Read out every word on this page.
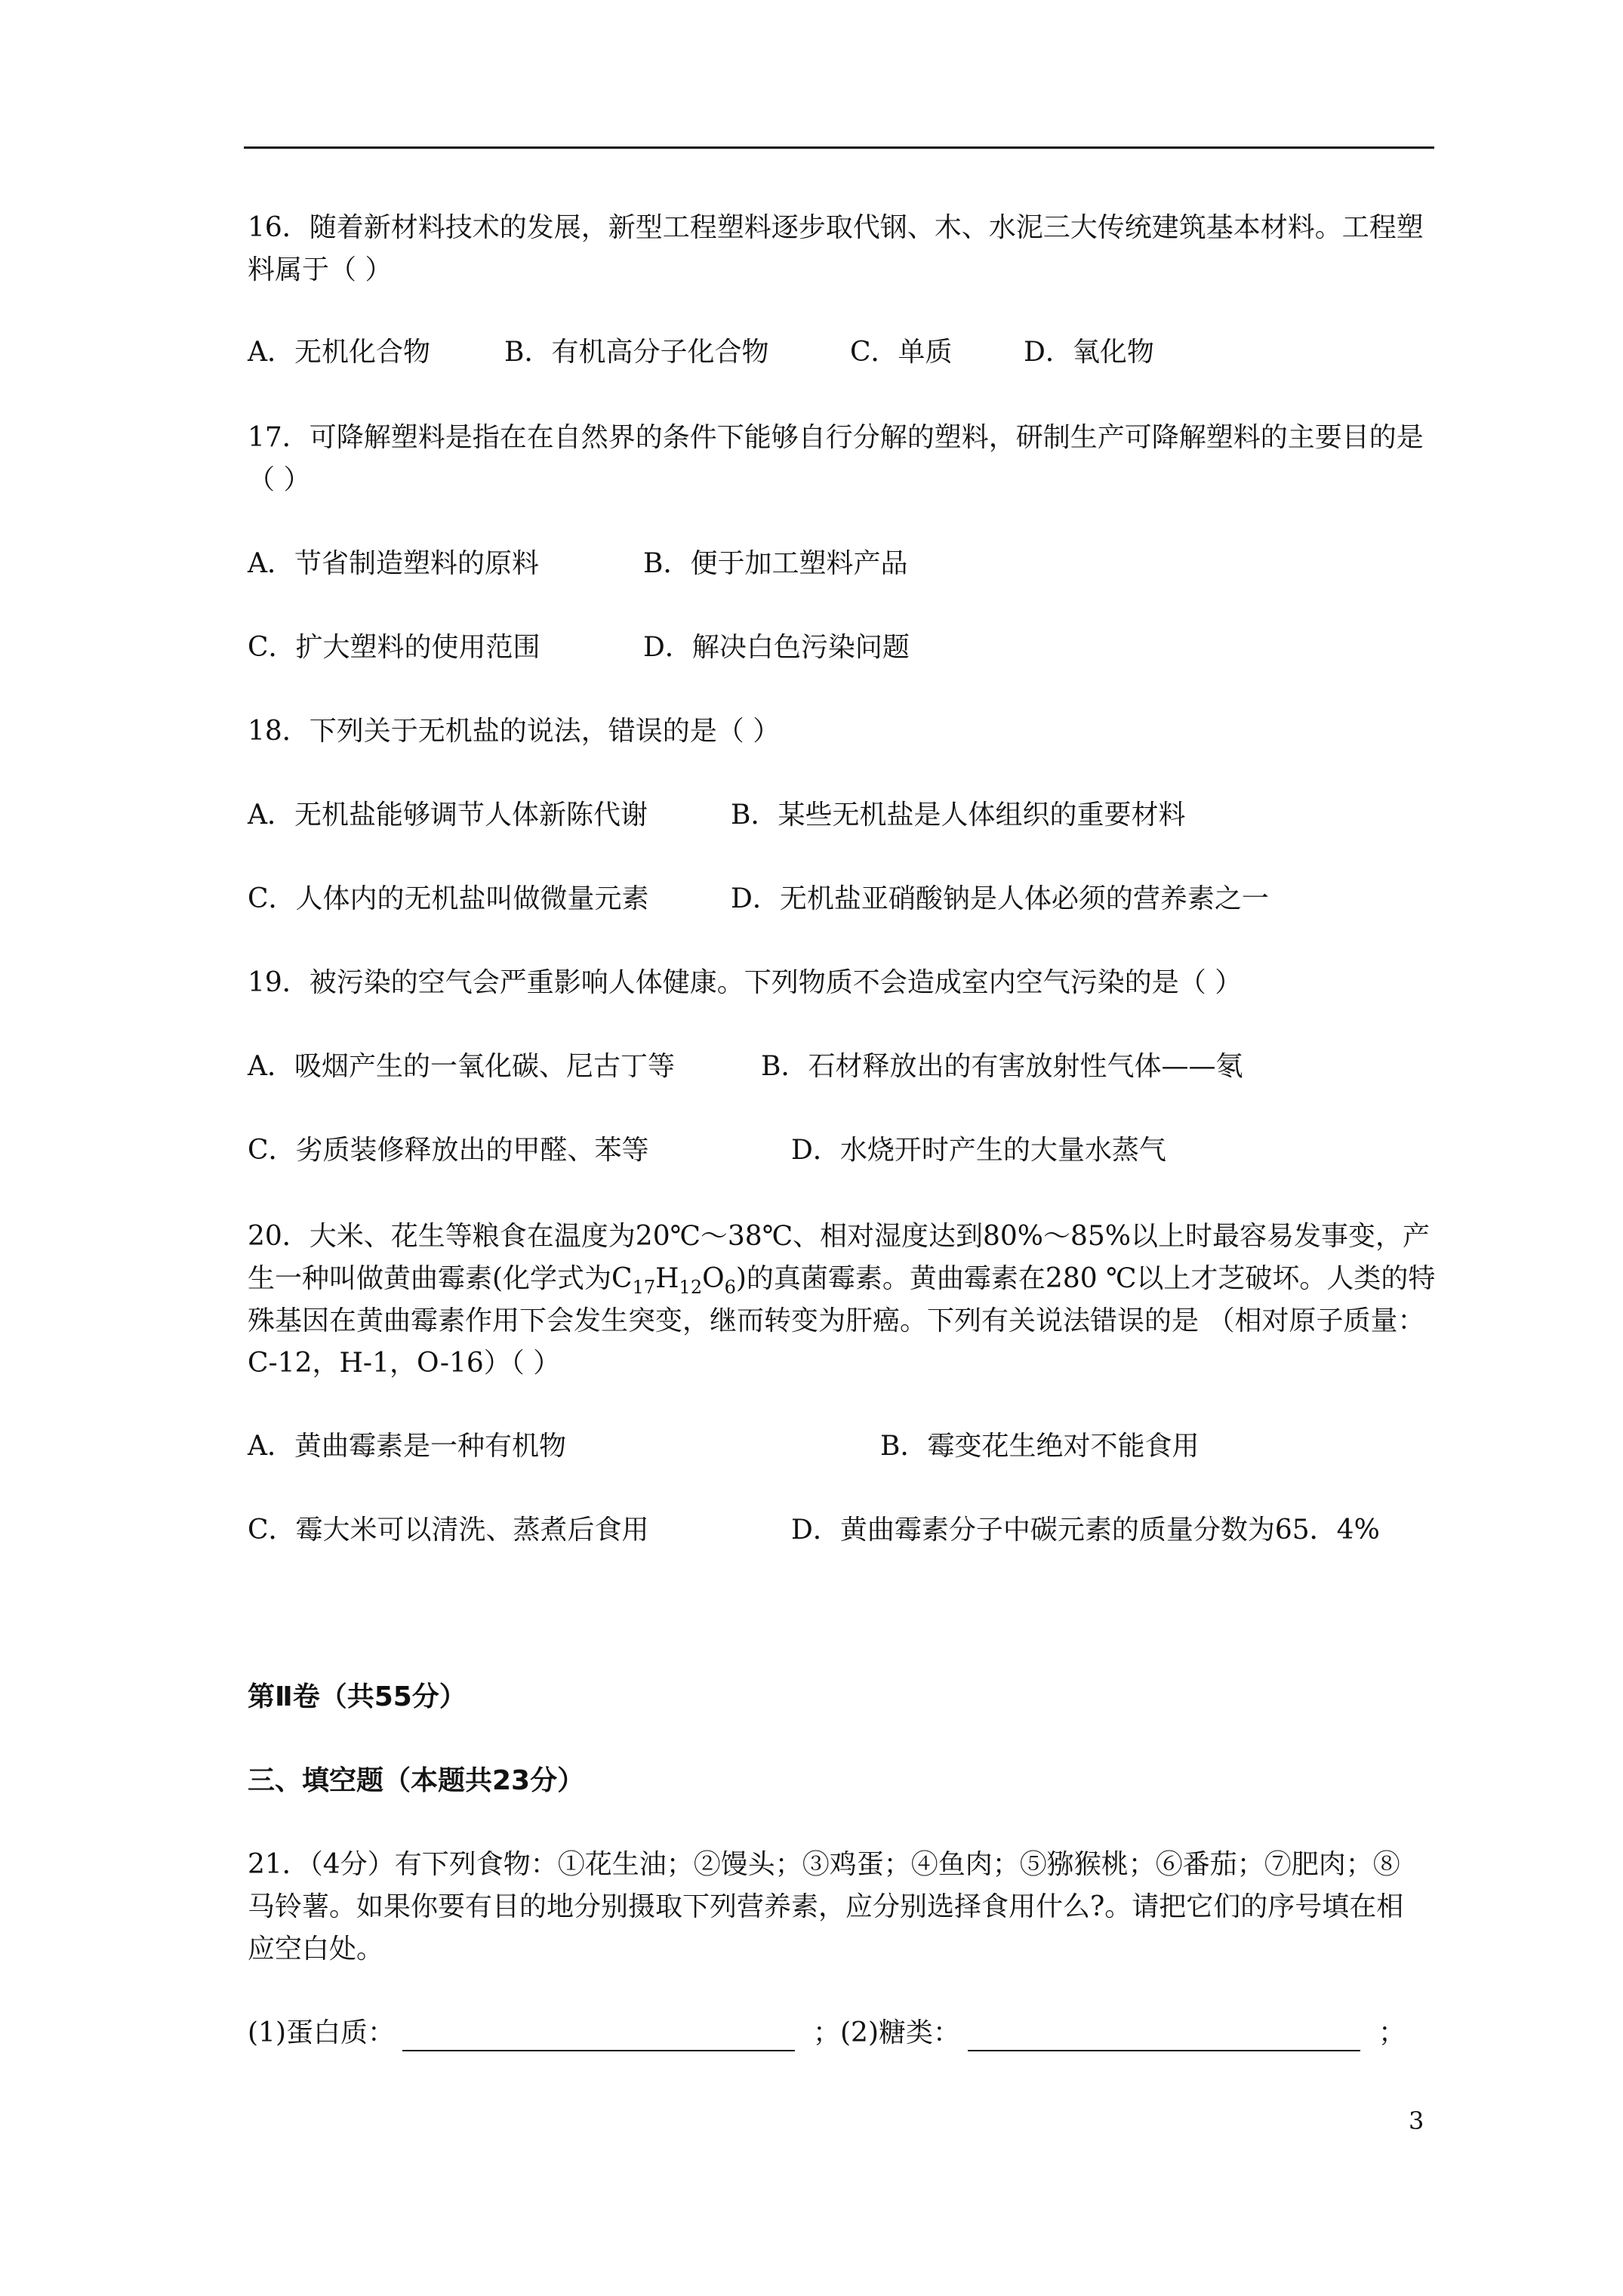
16．随着新材料技术的发展，新型工程塑料逐步取代钢、木、水泥三大传统建筑基本材料。工程塑
料属于（ ）
A．无机化合物	B．有机高分子化合物	C．单质	D．氧化物
17．可降解塑料是指在在自然界的条件下能够自行分解的塑料，研制生产可降解塑料的主要目的是
（ ）
A．节省制造塑料的原料	B．便于加工塑料产品
C．扩大塑料的使用范围	D．解决白色污染问题
18．下列关于无机盐的说法，错误的是（ ）
A．无机盐能够调节人体新陈代谢	B．某些无机盐是人体组织的重要材料
C．人体内的无机盐叫做微量元素	D．无机盐亚硝酸钠是人体必须的营养素之一
19．被污染的空气会严重影响人体健康。下列物质不会造成室内空气污染的是（ ）
A．吸烟产生的一氧化碳、尼古丁等	B．石材释放出的有害放射性气体——氡
C．劣质装修释放出的甲醛、苯等	D．水烧开时产生的大量水蒸气
20．大米、花生等粮食在温度为20℃～38℃、相对湿度达到80%～85%以上时最容易发事变，产
生一种叫做黄曲霉素(化学式为$C_{17}H_{12}O_6$)的真菌霉素。黄曲霉素在280 ℃以上才芝破坏。人类的特
殊基因在黄曲霉素作用下会发生突变，继而转变为肝癌。下列有关说法错误的是 （相对原子质量：
C-12，H-1，O-16）（ ）
A．黄曲霉素是一种有机物	B．霉变花生绝对不能食用
C．霉大米可以清洗、蒸煮后食用	D．黄曲霉素分子中碳元素的质量分数为65．4%
第Ⅱ卷（共55分）
三、填空题（本题共23分）
21．（4分）有下列食物：①花生油；②馒头；③鸡蛋；④鱼肉；⑤猕猴桃；⑥番茄；⑦肥肉；⑧
马铃薯。如果你要有目的地分别摄取下列营养素，应分别选择食用什么?。请把它们的序号填在相
应空白处。
(1)蛋白质：	；(2)糖类：	；
3
